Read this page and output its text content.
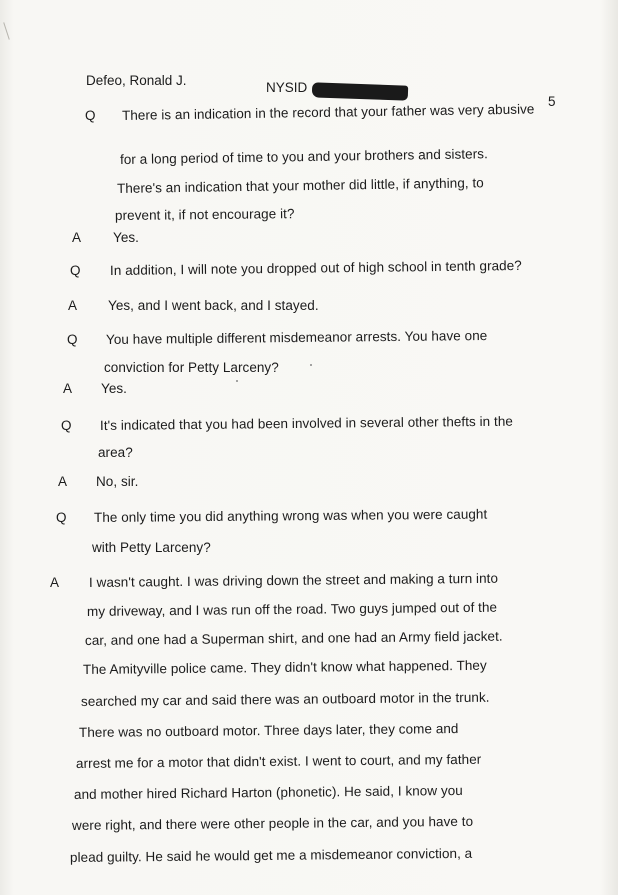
Defeo, Ronald J.	NYSID
5
Q There is an indication in the record that your father was very abusive
for a long period of time to you and your brothers and sisters.
There's an indication that your mother did little, if anything, to
prevent it, if not encourage it?
A Yes.
Q In addition, I will note you dropped out of high school in tenth grade?
A Yes, and I went back, and I stayed.
Q You have multiple different misdemeanor arrests. You have one
conviction for Petty Larceny?
A Yes.
Q It's indicated that you had been involved in several other thefts in the
area?
A No, sir.
Q The only time you did anything wrong was when you were caught
with Petty Larceny?
A I wasn't caught. I was driving down the street and making a turn into
my driveway, and I was run off the road. Two guys jumped out of the
car, and one had a Superman shirt, and one had an Army field jacket.
The Amityville police came. They didn't know what happened. They
searched my car and said there was an outboard motor in the trunk.
There was no outboard motor. Three days later, they come and
arrest me for a motor that didn't exist. I went to court, and my father
and mother hired Richard Harton (phonetic). He said, I know you
were right, and there were other people in the car, and you have to
plead guilty. He said he would get me a misdemeanor conviction, a
